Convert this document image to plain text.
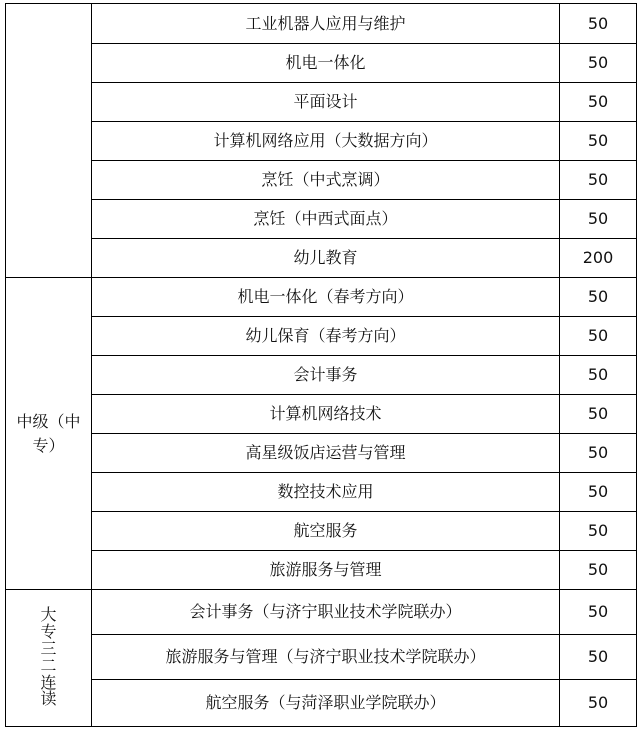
	工业机器人应用与维护	50
	机电一体化	50
	平面设计	50
	计算机网络应用（大数据方向）	50
	烹饪（中式烹调）	50
	烹饪（中西式面点）	50
	幼儿教育	200

中级（中
专）	机电一体化（春考方向）	50
	幼儿保育（春考方向）	50
	会计事务	50
	计算机网络技术	50
	高星级饭店运营与管理	50
	数控技术应用	50
	航空服务	50
	旅游服务与管理	50
大专三二连读	会计事务（与济宁职业技术学院联办）	50
	旅游服务与管理（与济宁职业技术学院联办）	50
	航空服务（与菏泽职业学院联办）	50
